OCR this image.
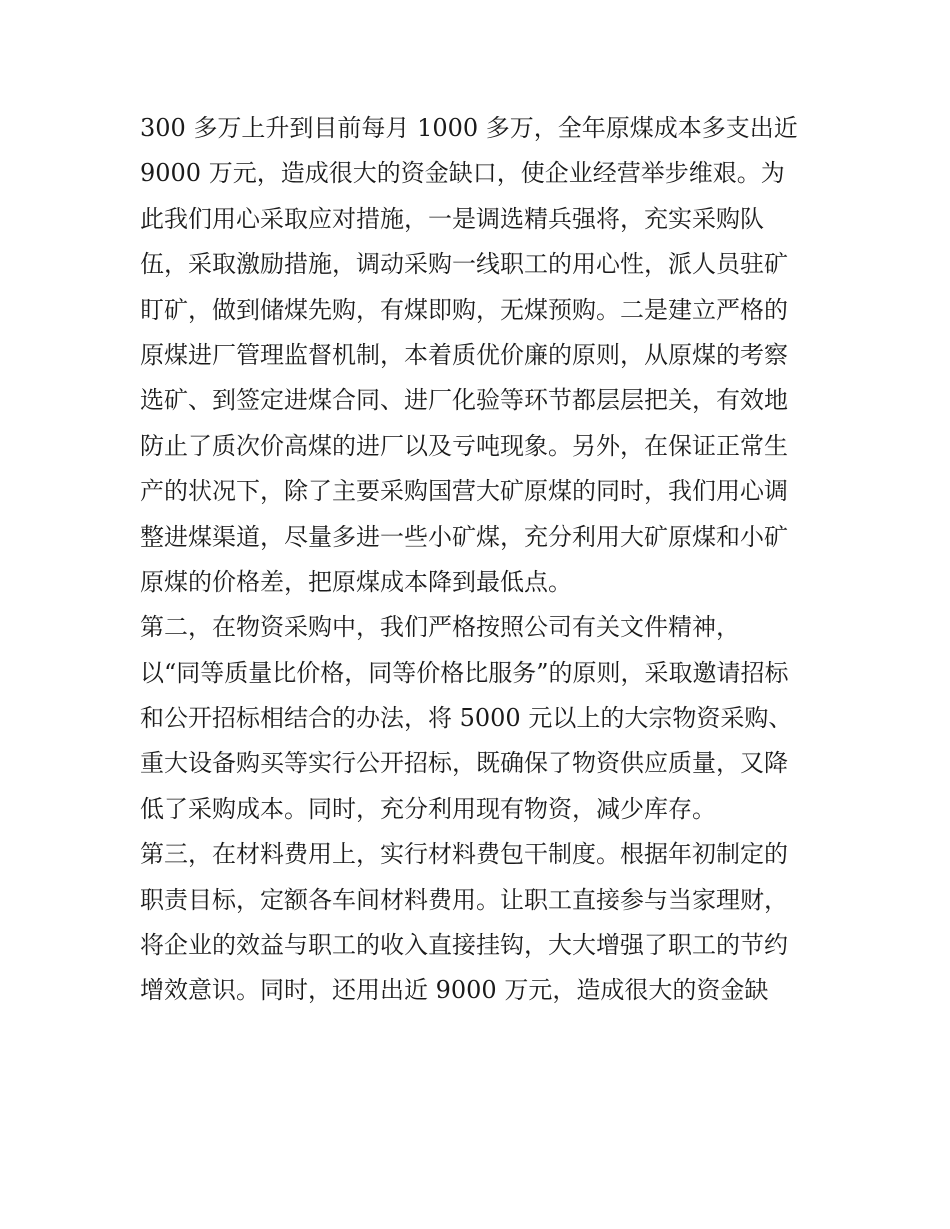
300 多万上升到目前每月 1000 多万，全年原煤成本多支出近
9000 万元，造成很大的资金缺口，使企业经营举步维艰。为
此我们用心采取应对措施，一是调选精兵强将，充实采购队
伍，采取激励措施，调动采购一线职工的用心性，派人员驻矿
盯矿，做到储煤先购，有煤即购，无煤预购。二是建立严格的
原煤进厂管理监督机制，本着质优价廉的原则，从原煤的考察
选矿、到签定进煤合同、进厂化验等环节都层层把关，有效地
防止了质次价高煤的进厂以及亏吨现象。另外，在保证正常生
产的状况下，除了主要采购国营大矿原煤的同时，我们用心调
整进煤渠道，尽量多进一些小矿煤，充分利用大矿原煤和小矿
原煤的价格差，把原煤成本降到最低点。
第二，在物资采购中，我们严格按照公司有关文件精神，
以“同等质量比价格，同等价格比服务”的原则，采取邀请招标
和公开招标相结合的办法，将 5000 元以上的大宗物资采购、
重大设备购买等实行公开招标，既确保了物资供应质量，又降
低了采购成本。同时，充分利用现有物资，减少库存。
第三，在材料费用上，实行材料费包干制度。根据年初制定的
职责目标，定额各车间材料费用。让职工直接参与当家理财，
将企业的效益与职工的收入直接挂钩，大大增强了职工的节约
增效意识。同时，还用出近 9000 万元，造成很大的资金缺
